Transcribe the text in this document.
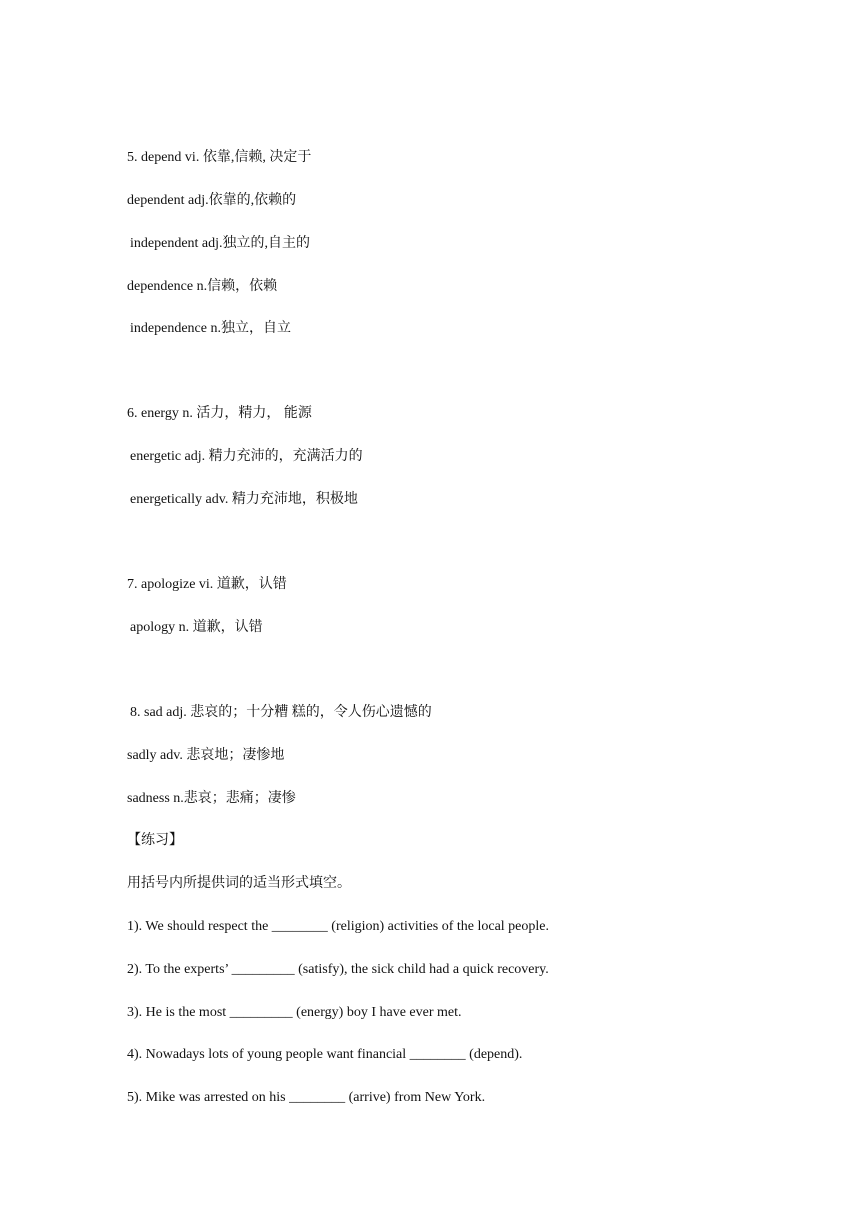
5. depend vi. 依靠,信赖, 决定于
dependent adj.依靠的,依赖的
independent adj.独立的,自主的
dependence n.信赖，依赖
independence n.独立，自立
6. energy n. 活力，精力， 能源
energetic adj. 精力充沛的，充满活力的
energetically adv. 精力充沛地，积极地
7. apologize vi. 道歉，认错
apology n. 道歉，认错
8. sad adj. 悲哀的；十分糟 糕的，令人伤心遗憾的
sadly adv. 悲哀地；凄惨地
sadness n.悲哀；悲痛；凄惨
【练习】
用括号内所提供词的适当形式填空。
1). We should respect the ________ (religion) activities of the local people.
2). To the experts’ _________ (satisfy), the sick child had a quick recovery.
3). He is the most _________ (energy) boy I have ever met.
4). Nowadays lots of young people want financial ________ (depend).
5). Mike was arrested on his ________ (arrive) from New York.
